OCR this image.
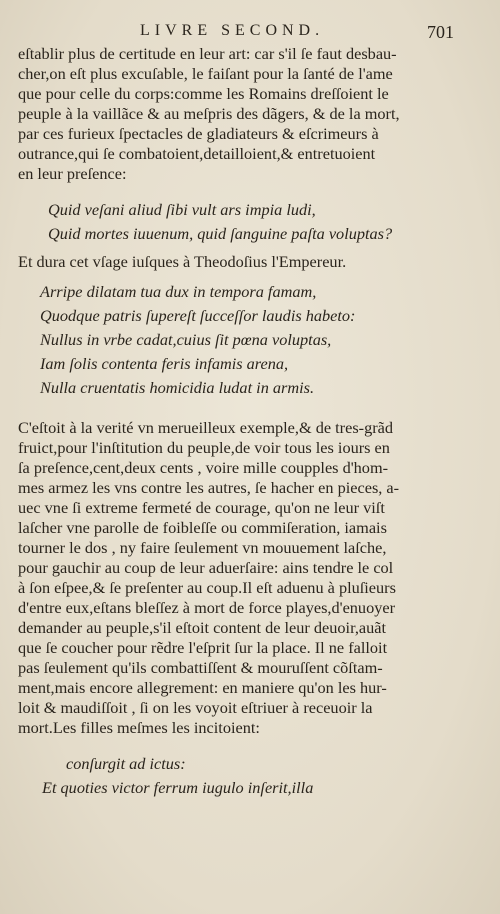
LIVRE SECOND.	701
eſtablir plus de certitude en leur art: car s'il ſe faut desbau-
cher,on eſt plus excuſable, le faiſant pour la ſanté de l'ame
que pour celle du corps:comme les Romains dreſſoient le
peuple à la vaillãce & au meſpris des dãgers, & de la mort,
par ces furieux ſpectacles de gladiateurs & eſcrimeurs à
outrance,qui ſe combatoient,detailloient,& entretuoient
en leur preſence:
Quid veſani aliud ſibi vult ars impia ludi,
Quid mortes iuuenum, quid ſanguine paſta voluptas?
Et dura cet vſage iuſques à Theodoſius l'Empereur.
Arripe dilatam tua dux in tempora famam,
Quodque patris ſupereſt ſucceſſor laudis habeto:
Nullus in vrbe cadat,cuius ſit pœna voluptas,
Iam ſolis contenta feris infamis arena,
Nulla cruentatis homicidia ludat in armis.
C'eſtoit à la verité vn merueilleux exemple,& de tres-grãd
fruict,pour l'inſtitution du peuple,de voir tous les iours en
ſa preſence,cent,deux cents , voire mille coupples d'hom-
mes armez les vns contre les autres, ſe hacher en pieces, a-
uec vne ſi extreme fermeté de courage, qu'on ne leur viſt
laſcher vne parolle de foibleſſe ou commiſeration, iamais
tourner le dos , ny faire ſeulement vn mouuement laſche,
pour gauchir au coup de leur aduerſaire: ains tendre le col
à ſon eſpee,& ſe preſenter au coup.Il eſt aduenu à pluſieurs
d'entre eux,eſtans bleſſez à mort de force playes,d'enuoyer
demander au peuple,s'il eſtoit content de leur deuoir,auãt
que ſe coucher pour rẽdre l'eſprit ſur la place. Il ne falloit
pas ſeulement qu'ils combattiſſent & mouruſſent cõſtam-
ment,mais encore allegrement: en maniere qu'on les hur-
loit & maudiſſoit , ſi on les voyoit eſtriuer à receuoir la
mort.Les filles meſmes les incitoient:
conſurgit ad ictus:
Et quoties victor ferrum iugulo inſerit,illa
